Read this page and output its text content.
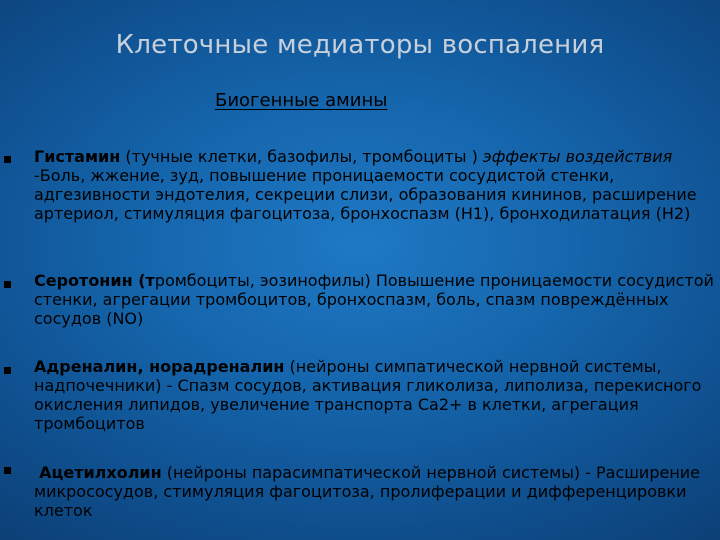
Клеточные медиаторы воспаления
Биогенные амины
Гистамин (тучные клетки, базофилы, тромбоциты ) эффекты воздействия -Боль, жжение, зуд, повышение проницаемости сосудистой стенки, адгезивности эндотелия, секреции слизи, образования кининов, расширение артериол, стимуляция фагоцитоза, бронхоспазм (Н1), бронходилатация (Н2)
Серотонин (тромбоциты, эозинофилы) Повышение проницаемости сосудистой стенки, агрегации тромбоцитов, бронхоспазм, боль, спазм повреждённых сосудов (NO)
Адреналин, норадреналин (нейроны симпатической нервной системы, надпочечники) - Спазм сосудов, активация гликолиза, липолиза, перекисного окисления липидов, увеличение транспорта Са2+ в клетки, агрегация тромбоцитов
Ацетилхолин (нейроны парасимпатической нервной системы) - Расширение микрососудов, стимуляция фагоцитоза, пролиферации и дифференцировки клеток
